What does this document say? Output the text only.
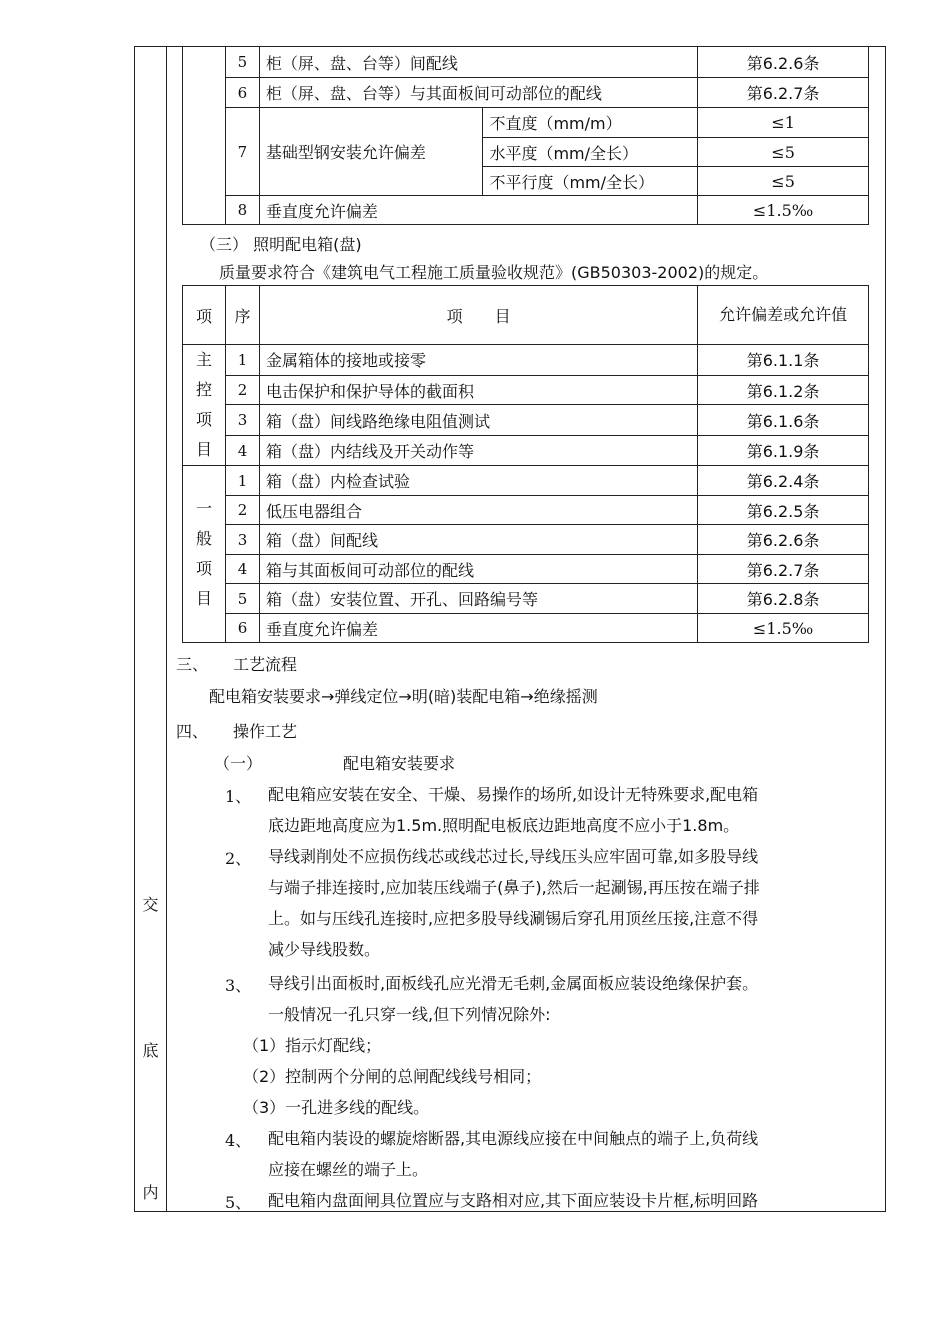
交
底
内
	5	柜（屏、盘、台等）间配线		第6.2.6条
	6	柜（屏、盘、台等）与其面板间可动部位的配线		第6.2.7条
	7	基础型钢安装允许偏差	不直度（mm/m）	≤1
			水平度（mm/全长）	≤5
			不平行度（mm/全长）	≤5
	8	垂直度允许偏差		≤1.5‰
（三） 照明配电箱(盘)
质量要求符合《建筑电气工程施工质量验收规范》(GB50303-2002)的规定。
项	序	项　　目	允许偏差或允许值

主
控
项
目	1	金属箱体的接地或接零	第6.1.1条
	2	电击保护和保护导体的截面积	第6.1.2条
	3	箱（盘）间线路绝缘电阻值测试	第6.1.6条
	4	箱（盘）内结线及开关动作等	第6.1.9条

一
般
项
目	1	箱（盘）内检查试验	第6.2.4条
	2	低压电器组合	第6.2.5条
	3	箱（盘）间配线	第6.2.6条
	4	箱与其面板间可动部位的配线	第6.2.7条
	5	箱（盘）安装位置、开孔、回路编号等	第6.2.8条
	6	垂直度允许偏差	≤1.5‰
三、 工艺流程
配电箱安装要求→弹线定位→明(暗)装配电箱→绝缘摇测
四、 操作工艺
（一）	配电箱安装要求
1、 配电箱应安装在安全、干燥、易操作的场所,如设计无特殊要求,配电箱
底边距地高度应为1.5m.照明配电板底边距地高度不应小于1.8m。
2、 导线剥削处不应损伤线芯或线芯过长,导线压头应牢固可靠,如多股导线
与端子排连接时,应加装压线端子(鼻子),然后一起涮锡,再压按在端子排
上。如与压线孔连接时,应把多股导线涮锡后穿孔用顶丝压接,注意不得
减少导线股数。
3、 导线引出面板时,面板线孔应光滑无毛刺,金属面板应装设绝缘保护套。
一般情况一孔只穿一线,但下列情况除外:
（1）指示灯配线；
（2）控制两个分闸的总闸配线线号相同；
（3）一孔进多线的配线。
4、 配电箱内装设的螺旋熔断器,其电源线应接在中间触点的端子上,负荷线
应接在螺丝的端子上。
5、 配电箱内盘面闸具位置应与支路相对应,其下面应装设卡片框,标明回路
